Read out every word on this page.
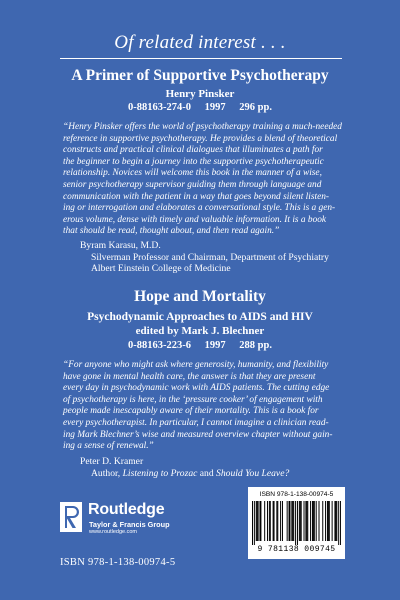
Of related interest . . .
A Primer of Supportive Psychotherapy
Henry Pinsker
0-88163-274-0 1997 296 pp.
“Henry Pinsker offers the world of psychotherapy training a much-needed
reference in supportive psychotherapy. He provides a blend of theoretical
constructs and practical clinical dialogues that illuminates a path for
the beginner to begin a journey into the supportive psychotherapeutic
relationship. Novices will welcome this book in the manner of a wise,
senior psychotherapy supervisor guiding them through language and
communication with the patient in a way that goes beyond silent listen-
ing or interrogation and elaborates a conversational style. This is a gen-
erous volume, dense with timely and valuable information. It is a book
that should be read, thought about, and then read again.”
Byram Karasu, M.D.
Silverman Professor and Chairman, Department of Psychiatry
Albert Einstein College of Medicine
Hope and Mortality
Psychodynamic Approaches to AIDS and HIV
edited by Mark J. Blechner
0-88163-223-6 1997 288 pp.
“For anyone who might ask where generosity, humanity, and flexibility
have gone in mental health care, the answer is that they are present
every day in psychodynamic work with AIDS patients. The cutting edge
of psychotherapy is here, in the ‘pressure cooker’ of engagement with
people made inescapably aware of their mortality. This is a book for
every psychotherapist. In particular, I cannot imagine a clinician read-
ing Mark Blechner’s wise and measured overview chapter without gain-
ing a sense of renewal.”
Peter D. Kramer
Author, Listening to Prozac and Should You Leave?
Routledge
Taylor & Francis Group
www.routledge.com
ISBN 978-1-138-00974-5
ISBN 978-1-138-00974-5
9 781138 009745
